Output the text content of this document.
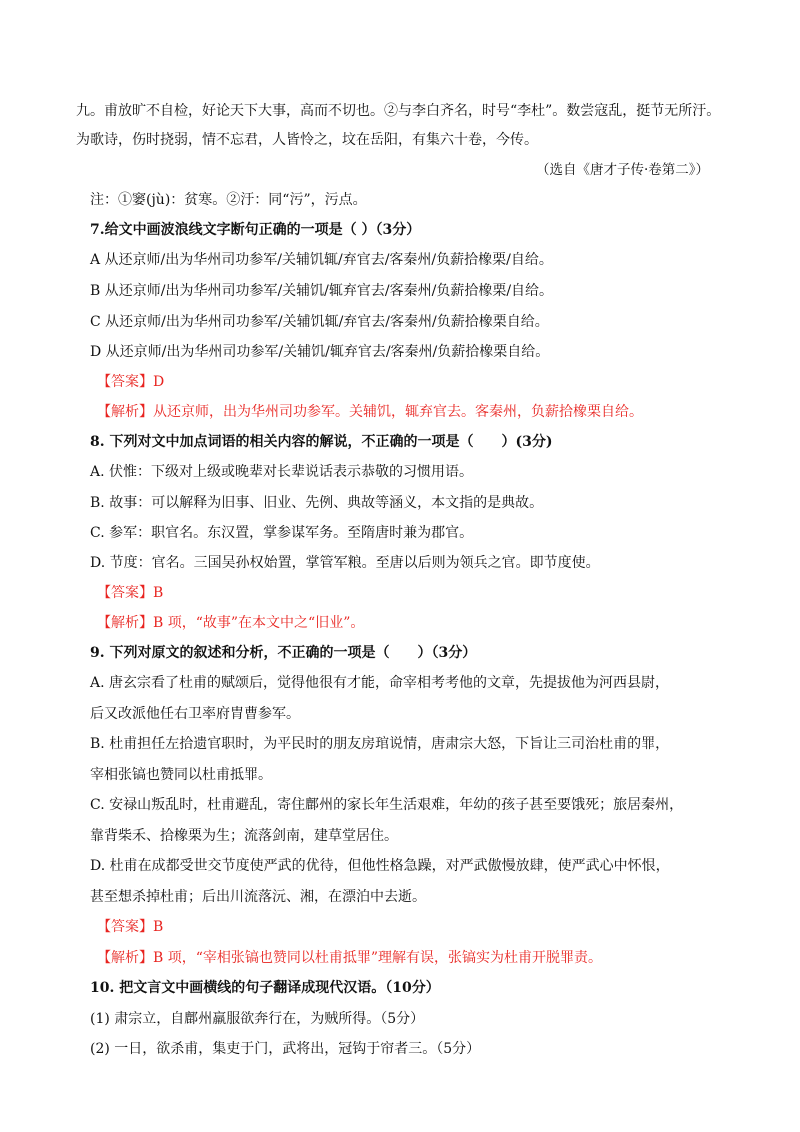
九。甫放旷不自检，好论天下大事，高而不切也。②与李白齐名，时号“李杜”。数尝寇乱，挺节无所汙。
为歌诗，伤时挠弱，情不忘君，人皆怜之，坟在岳阳，有集六十卷，今传。
（选自《唐才子传·卷第二》）
注：①窭(jù)：贫寒。②汙：同“污”，污点。
7.给文中画波浪线文字断句正确的一项是（ ）（3分）
A 从还京师/出为华州司功参军/关辅饥辄/弃官去/客秦州/负薪拾橡栗/自给。
B 从还京师/出为华州司功参军/关辅饥/辄弃官去/客秦州/负薪拾橡栗/自给。
C 从还京师/出为华州司功参军/关辅饥辄/弃官去/客秦州/负薪拾橡栗自给。
D 从还京师/出为华州司功参军/关辅饥/辄弃官去/客秦州/负薪拾橡栗自给。
【答案】D
【解析】从还京师，出为华州司功参军。关辅饥，辄弃官去。客秦州，负薪拾橡栗自给。
8. 下列对文中加点词语的相关内容的解说，不正确的一项是（　　）(3分)
A. 伏惟：下级对上级或晚辈对长辈说话表示恭敬的习惯用语。
B. 故事：可以解释为旧事、旧业、先例、典故等涵义，本文指的是典故。
C. 参军：职官名。东汉置，掌参谋军务。至隋唐时兼为郡官。
D. 节度：官名。三国吴孙权始置，掌管军粮。至唐以后则为领兵之官。即节度使。
【答案】B
【解析】B 项，“故事”在本文中之“旧业”。
9. 下列对原文的叙述和分析，不正确的一项是（　　）（3分）
A. 唐玄宗看了杜甫的赋颂后，觉得他很有才能，命宰相考考他的文章，先提拔他为河西县尉，
后又改派他任右卫率府胄曹参军。
B. 杜甫担任左拾遗官职时，为平民时的朋友房琯说情，唐肃宗大怒，下旨让三司治杜甫的罪，
宰相张镐也赞同以杜甫抵罪。
C. 安禄山叛乱时，杜甫避乱，寄住鄜州的家长年生活艰难，年幼的孩子甚至要饿死；旅居秦州，
靠背柴禾、拾橡栗为生；流落剑南，建草堂居住。
D. 杜甫在成都受世交节度使严武的优待，但他性格急躁，对严武傲慢放肆，使严武心中怀恨，
甚至想杀掉杜甫；后出川流落沅、湘，在漂泊中去逝。
【答案】B
【解析】B 项，“宰相张镐也赞同以杜甫抵罪”理解有误，张镐实为杜甫开脱罪责。
10. 把文言文中画横线的句子翻译成现代汉语。（10分）
(1) 肃宗立，自鄜州羸服欲奔行在，为贼所得。（5分）
(2) 一日，欲杀甫，集吏于门，武将出，冠钩于帘者三。（5分）
